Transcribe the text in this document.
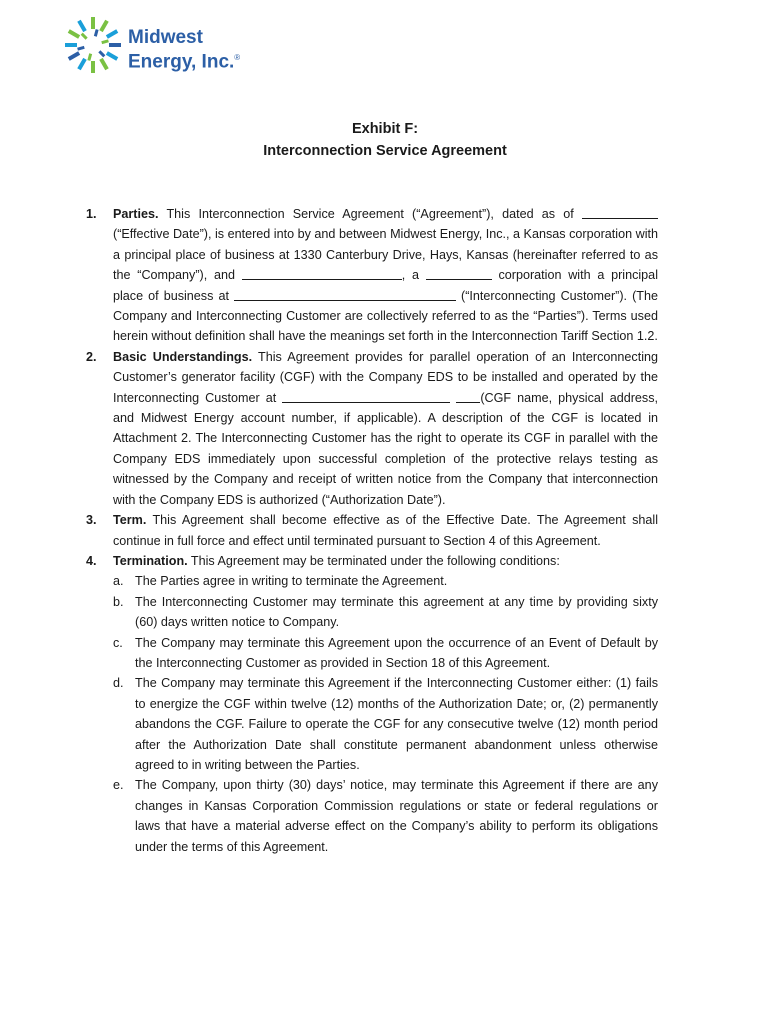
Midwest
Energy, Inc.®
Exhibit F:
Interconnection Service Agreement
1. Parties. This Interconnection Service Agreement (“Agreement”), dated as of  (“Effective Date”), is entered into by and between Midwest Energy, Inc., a Kansas corporation with a principal place of business at 1330 Canterbury Drive, Hays, Kansas (hereinafter referred to as the “Company”), and	, a	corporation with a principal place of business at	(“Interconnecting Customer”). (The Company and Interconnecting Customer are collectively referred to as the “Parties”). Terms used herein without definition shall have the meanings set forth in the Interconnection Tariff Section 1.2.
2. Basic Understandings. This Agreement provides for parallel operation of an Interconnecting Customer’s generator facility (CGF) with the Company EDS to be installed and operated by the Interconnecting Customer at	(CGF name, physical address, and Midwest Energy account number, if applicable). A description of the CGF is located in Attachment 2. The Interconnecting Customer has the right to operate its CGF in parallel with the Company EDS immediately upon successful completion of the protective relays testing as witnessed by the Company and receipt of written notice from the Company that interconnection with the Company EDS is authorized (“Authorization Date”).
3. Term. This Agreement shall become effective as of the Effective Date. The Agreement shall continue in full force and effect until terminated pursuant to Section 4 of this Agreement.
4. Termination. This Agreement may be terminated under the following conditions:
a. The Parties agree in writing to terminate the Agreement.
b. The Interconnecting Customer may terminate this agreement at any time by providing sixty (60) days written notice to Company.
c. The Company may terminate this Agreement upon the occurrence of an Event of Default by the Interconnecting Customer as provided in Section 18 of this Agreement.
d. The Company may terminate this Agreement if the Interconnecting Customer either: (1) fails to energize the CGF within twelve (12) months of the Authorization Date; or, (2) permanently abandons the CGF. Failure to operate the CGF for any consecutive twelve (12) month period after the Authorization Date shall constitute permanent abandonment unless otherwise agreed to in writing between the Parties.
e. The Company, upon thirty (30) days’ notice, may terminate this Agreement if there are any changes in Kansas Corporation Commission regulations or state or federal regulations or laws that have a material adverse effect on the Company’s ability to perform its obligations under the terms of this Agreement.
